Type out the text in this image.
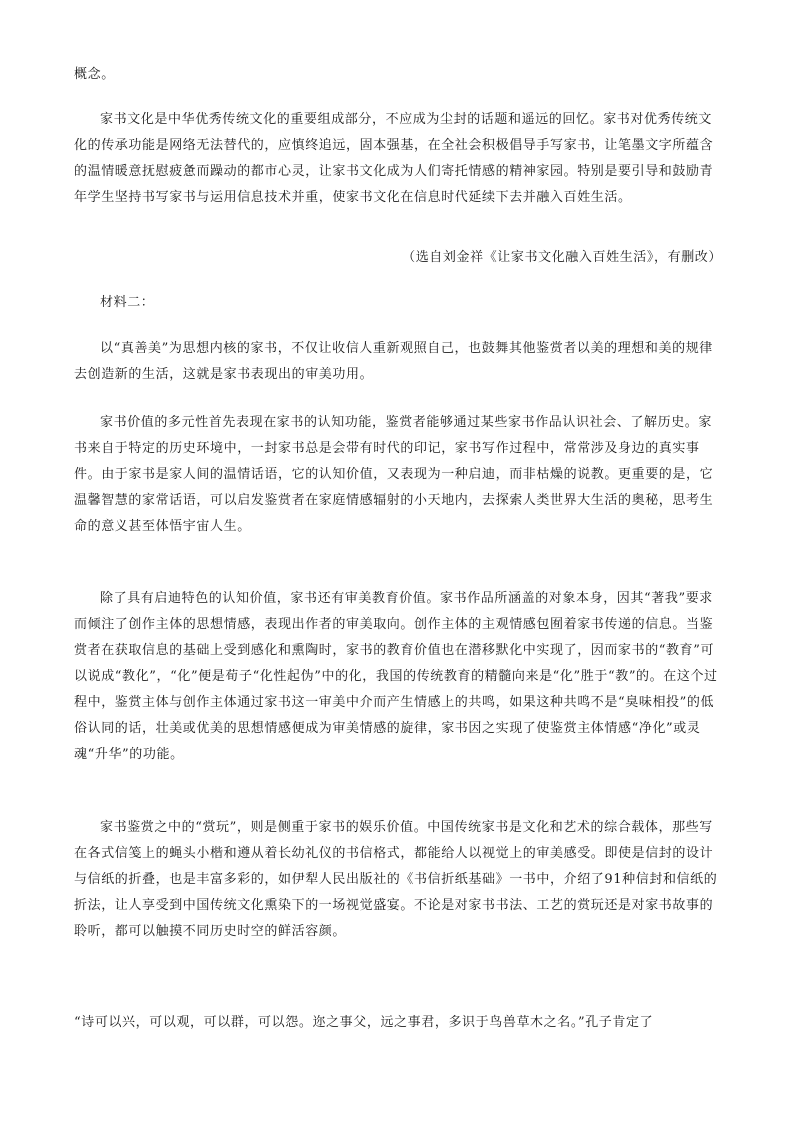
概念。

家书文化是中华优秀传统文化的重要组成部分，不应成为尘封的话题和遥远的回忆。家书对优秀传统文化的传承功能是网络无法替代的，应慎终追远，固本强基，在全社会积极倡导手写家书，让笔墨文字所蕴含的温情暖意抚慰疲惫而躁动的都市心灵，让家书文化成为人们寄托情感的精神家园。特别是要引导和鼓励青年学生坚持书写家书与运用信息技术并重，使家书文化在信息时代延续下去并融入百姓生活。

（选自刘金祥《让家书文化融入百姓生活》，有删改）

材料二：

以“真善美”为思想内核的家书，不仅让收信人重新观照自己，也鼓舞其他鉴赏者以美的理想和美的规律去创造新的生活，这就是家书表现出的审美功用。

家书价值的多元性首先表现在家书的认知功能，鉴赏者能够通过某些家书作品认识社会、了解历史。家书来自于特定的历史环境中，一封家书总是会带有时代的印记，家书写作过程中，常常涉及身边的真实事件。由于家书是家人间的温情话语，它的认知价值，又表现为一种启迪，而非枯燥的说教。更重要的是，它温馨智慧的家常话语，可以启发鉴赏者在家庭情感辐射的小天地内，去探索人类世界大生活的奥秘，思考生命的意义甚至体悟宇宙人生。

除了具有启迪特色的认知价值，家书还有审美教育价值。家书作品所涵盖的对象本身，因其“著我”要求而倾注了创作主体的思想情感，表现出作者的审美取向。创作主体的主观情感包囿着家书传递的信息。当鉴赏者在获取信息的基础上受到感化和熏陶时，家书的教育价值也在潜移默化中实现了，因而家书的“教育”可以说成“教化”，“化”便是荀子“化性起伪”中的化，我国的传统教育的精髓向来是“化”胜于“教”的。在这个过程中，鉴赏主体与创作主体通过家书这一审美中介而产生情感上的共鸣，如果这种共鸣不是“臭味相投”的低俗认同的话，壮美或优美的思想情感便成为审美情感的旋律，家书因之实现了使鉴赏主体情感“净化”或灵魂“升华”的功能。

家书鉴赏之中的“赏玩”，则是侧重于家书的娱乐价值。中国传统家书是文化和艺术的综合载体，那些写在各式信笺上的蝇头小楷和遵从着长幼礼仪的书信格式，都能给人以视觉上的审美感受。即使是信封的设计与信纸的折叠，也是丰富多彩的，如伊犁人民出版社的《书信折纸基础》一书中，介绍了91种信封和信纸的折法，让人享受到中国传统文化熏染下的一场视觉盛宴。不论是对家书书法、工艺的赏玩还是对家书故事的聆听，都可以触摸不同历史时空的鲜活容颜。

“诗可以兴，可以观，可以群，可以怨。迩之事父，远之事君，多识于鸟兽草木之名。”孔子肯定了
